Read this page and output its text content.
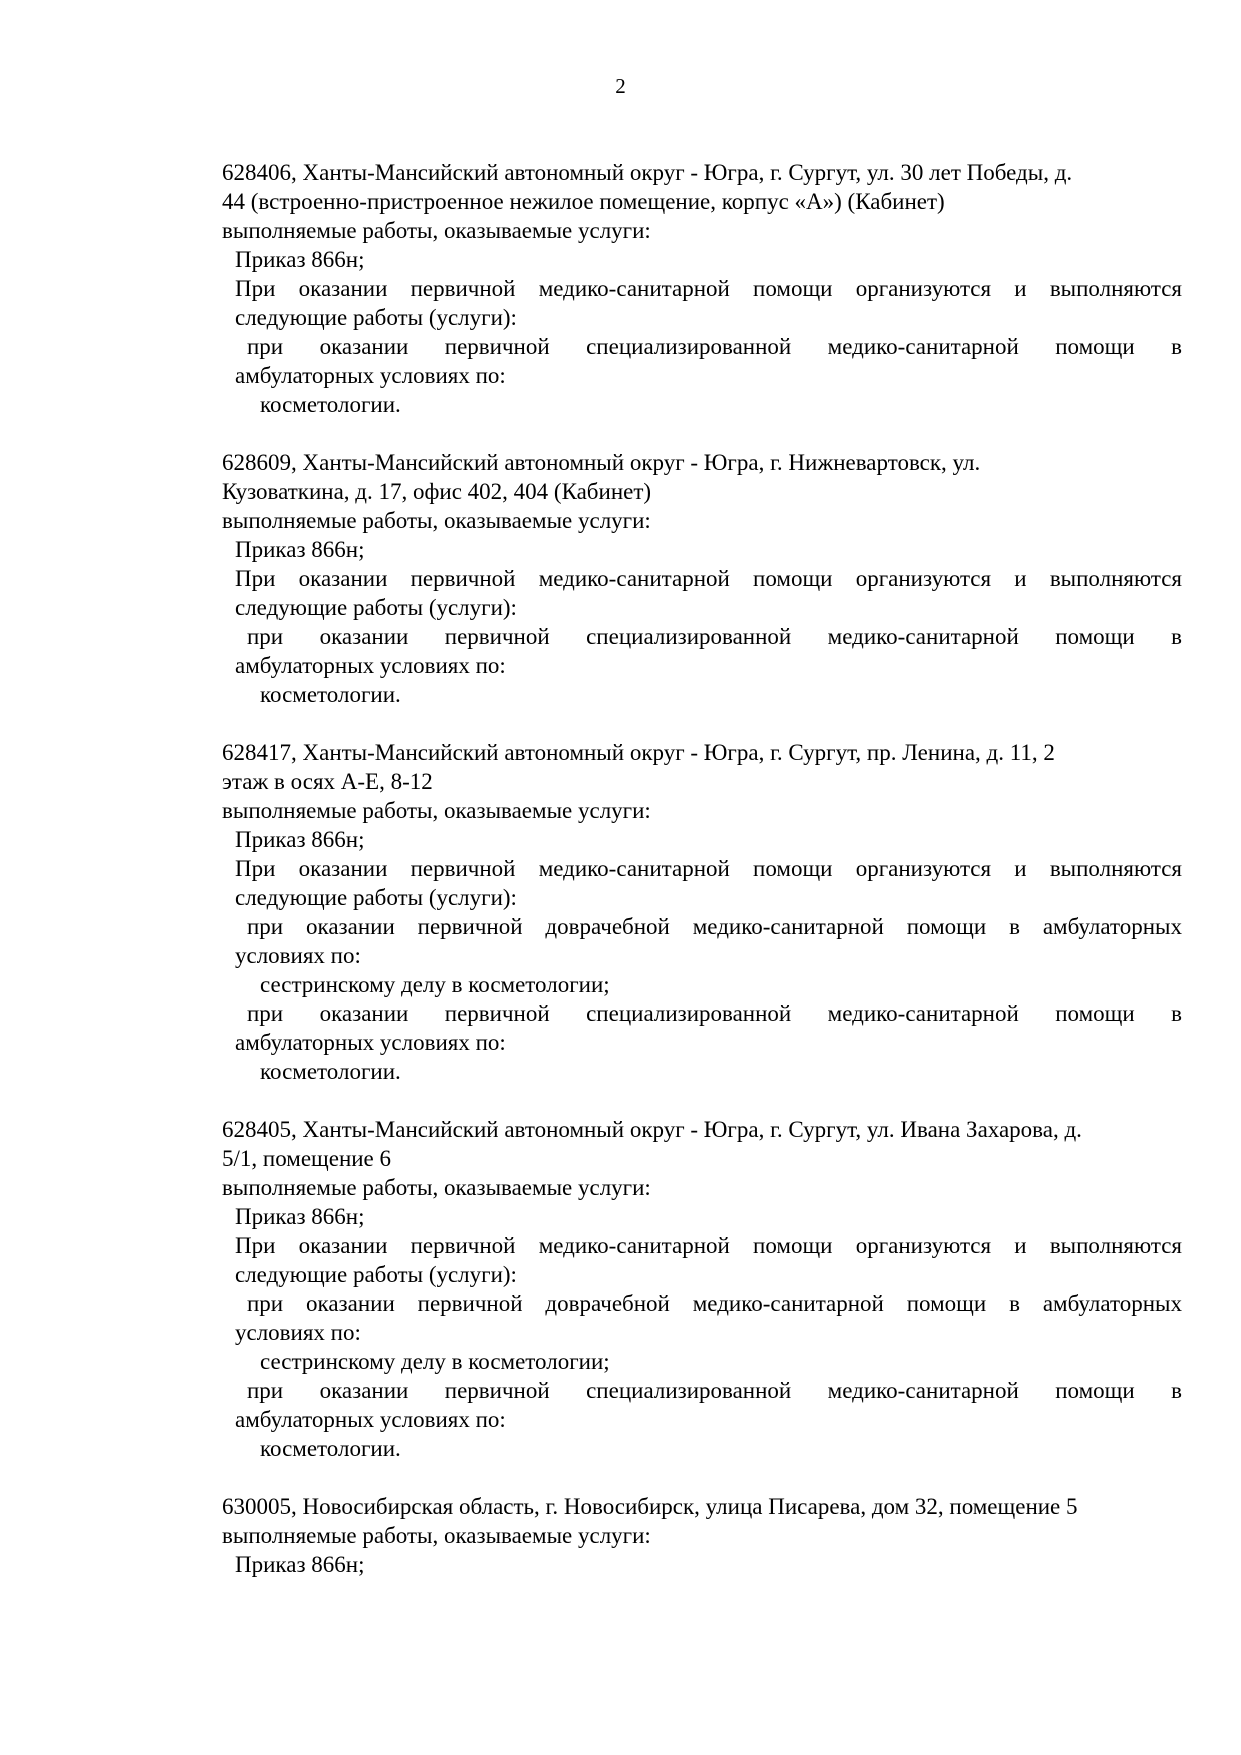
2
628406, Ханты-Мансийский автономный округ - Югра, г. Сургут, ул. 30 лет Победы, д.
44 (встроенно-пристроенное нежилое помещение, корпус «А») (Кабинет)
выполняемые работы, оказываемые услуги:
Приказ 866н;
При оказании первичной медико-санитарной помощи организуются и выполняются
следующие работы (услуги):
при оказании первичной специализированной медико-санитарной помощи в
амбулаторных условиях по:
косметологии.
628609, Ханты-Мансийский автономный округ - Югра, г. Нижневартовск, ул.
Кузоваткина, д. 17, офис 402, 404 (Кабинет)
выполняемые работы, оказываемые услуги:
Приказ 866н;
При оказании первичной медико-санитарной помощи организуются и выполняются
следующие работы (услуги):
при оказании первичной специализированной медико-санитарной помощи в
амбулаторных условиях по:
косметологии.
628417, Ханты-Мансийский автономный округ - Югра, г. Сургут, пр. Ленина, д. 11, 2
этаж в осях А-Е, 8-12
выполняемые работы, оказываемые услуги:
Приказ 866н;
При оказании первичной медико-санитарной помощи организуются и выполняются
следующие работы (услуги):
при оказании первичной доврачебной медико-санитарной помощи в амбулаторных
условиях по:
сестринскому делу в косметологии;
при оказании первичной специализированной медико-санитарной помощи в
амбулаторных условиях по:
косметологии.
628405, Ханты-Мансийский автономный округ - Югра, г. Сургут, ул. Ивана Захарова, д.
5/1, помещение 6
выполняемые работы, оказываемые услуги:
Приказ 866н;
При оказании первичной медико-санитарной помощи организуются и выполняются
следующие работы (услуги):
при оказании первичной доврачебной медико-санитарной помощи в амбулаторных
условиях по:
сестринскому делу в косметологии;
при оказании первичной специализированной медико-санитарной помощи в
амбулаторных условиях по:
косметологии.
630005, Новосибирская область, г. Новосибирск, улица Писарева, дом 32, помещение 5
выполняемые работы, оказываемые услуги:
Приказ 866н;
